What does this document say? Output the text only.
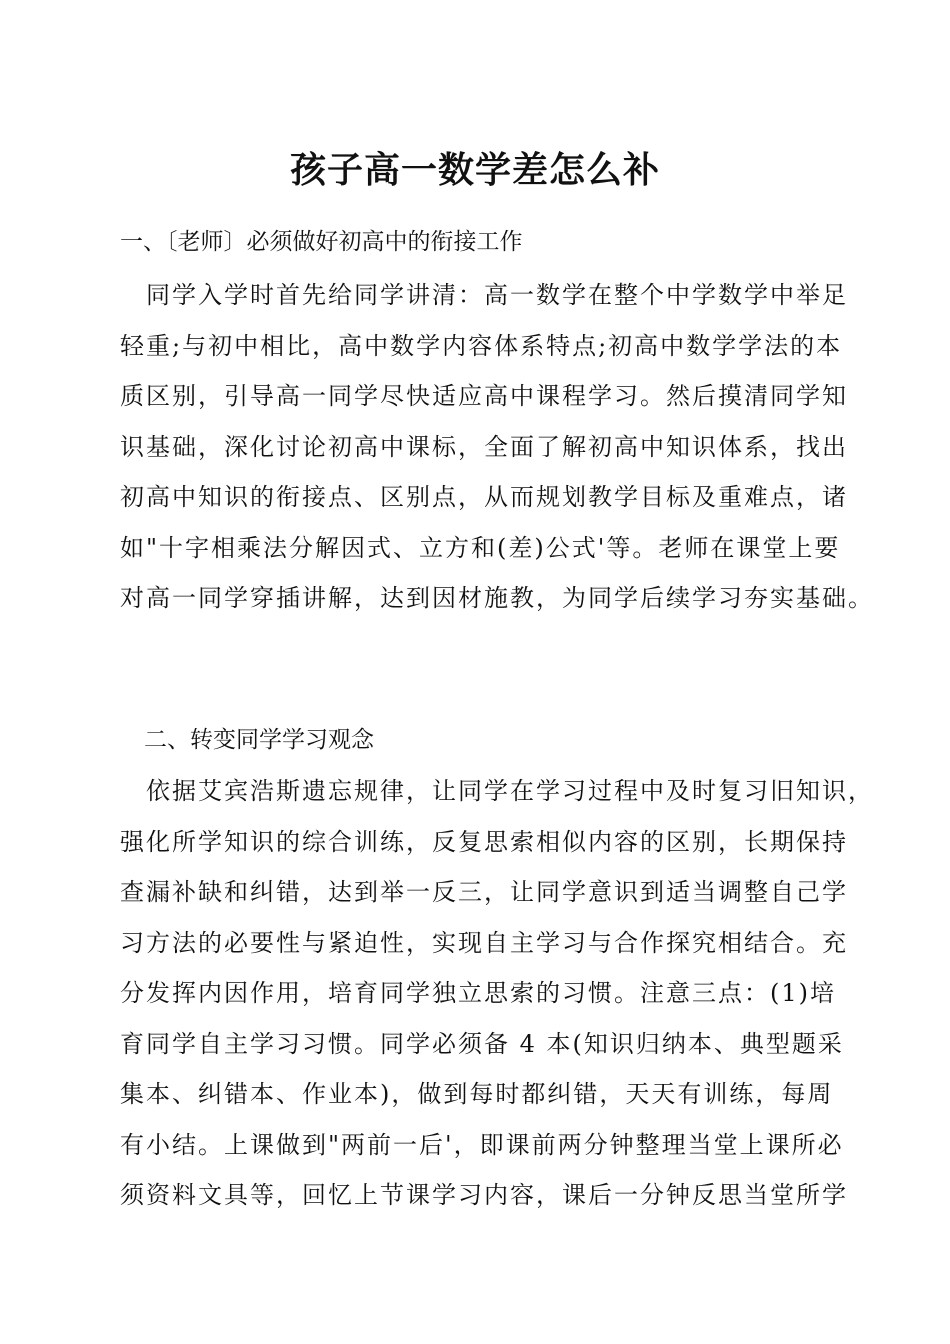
孩子高一数学差怎么补
一、〔老师〕必须做好初高中的衔接工作
同学入学时首先给同学讲清：高一数学在整个中学数学中举足
轻重;与初中相比，高中数学内容体系特点;初高中数学学法的本
质区别，引导高一同学尽快适应高中课程学习。然后摸清同学知
识基础，深化讨论初高中课标，全面了解初高中知识体系，找出
初高中知识的衔接点、区别点，从而规划教学目标及重难点，诸
如"十字相乘法分解因式、立方和(差)公式'等。老师在课堂上要
对高一同学穿插讲解，达到因材施教，为同学后续学习夯实基础。
二、转变同学学习观念
依据艾宾浩斯遗忘规律，让同学在学习过程中及时复习旧知识，
强化所学知识的综合训练，反复思索相似内容的区别，长期保持
查漏补缺和纠错，达到举一反三，让同学意识到适当调整自己学
习方法的必要性与紧迫性，实现自主学习与合作探究相结合。充
分发挥内因作用，培育同学独立思索的习惯。注意三点：(1)培
育同学自主学习习惯。同学必须备 4 本(知识归纳本、典型题采
集本、纠错本、作业本)，做到每时都纠错，天天有训练，每周
有小结。上课做到"两前一后'，即课前两分钟整理当堂上课所必
须资料文具等，回忆上节课学习内容，课后一分钟反思当堂所学
